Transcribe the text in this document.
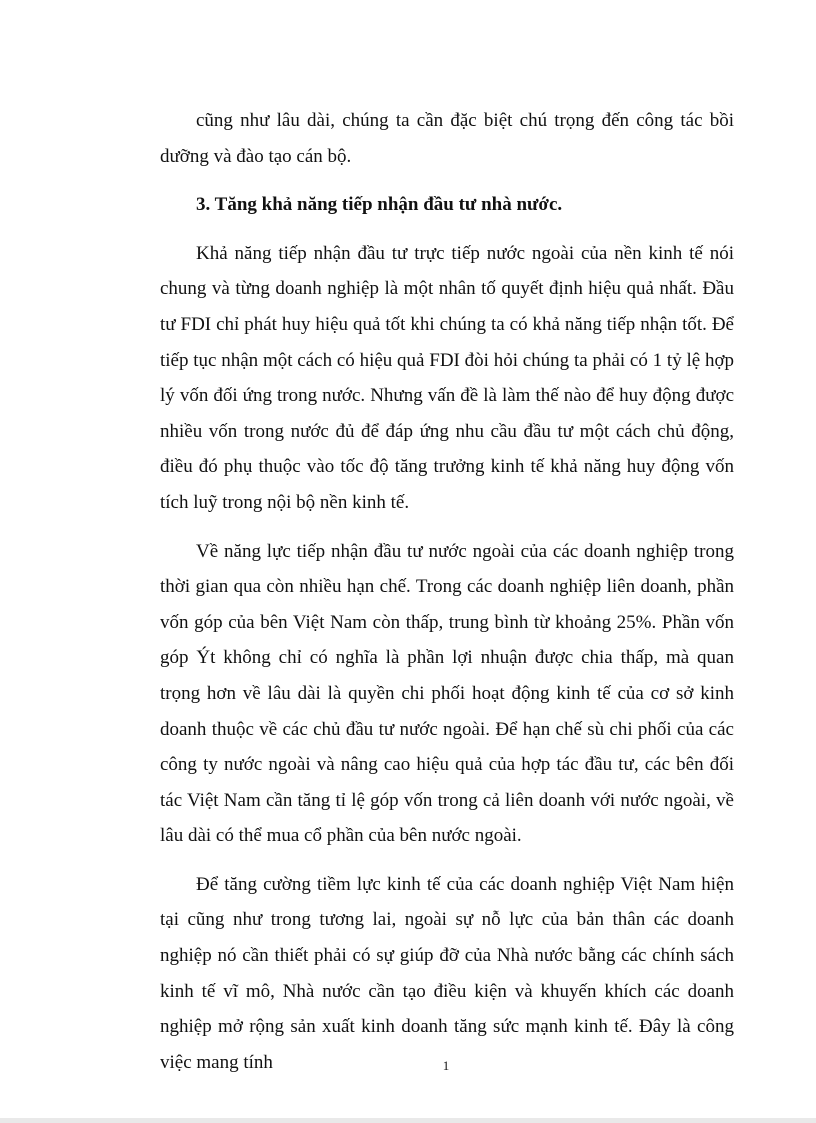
cũng như lâu dài, chúng ta cần đặc biệt chú trọng đến công tác bồi dưỡng và đào tạo cán bộ.

3. Tăng khả năng tiếp nhận đầu tư nhà nước.

Khả năng tiếp nhận đầu tư trực tiếp nước ngoài của nền kinh tế nói chung và từng doanh nghiệp là một nhân tố quyết định hiệu quả nhất. Đầu tư FDI chỉ phát huy hiệu quả tốt khi chúng ta có khả năng tiếp nhận tốt. Để tiếp tục nhận một cách có hiệu quả FDI đòi hỏi chúng ta phải có 1 tỷ lệ hợp lý vốn đối ứng trong nước. Nhưng vấn đề là làm thế nào để huy động được nhiều vốn trong nước đủ để đáp ứng nhu cầu đầu tư một cách chủ động, điều đó phụ thuộc vào tốc độ tăng trưởng kinh tế khả năng huy động vốn tích luỹ trong nội bộ nền kinh tế.

Về năng lực tiếp nhận đầu tư nước ngoài của các doanh nghiệp trong thời gian qua còn nhiều hạn chế. Trong các doanh nghiệp liên doanh, phần vốn góp của bên Việt Nam còn thấp, trung bình từ khoảng 25%. Phần vốn góp Ýt không chỉ có nghĩa là phần lợi nhuận được chia thấp, mà quan trọng hơn về lâu dài là quyền chi phối hoạt động kinh tế của cơ sở kinh doanh thuộc về các chủ đầu tư nước ngoài. Để hạn chế sù chi phối của các công ty nước ngoài và nâng cao hiệu quả của hợp tác đầu tư, các bên đối tác Việt Nam cần tăng tỉ lệ góp vốn trong cả liên doanh với nước ngoài, về lâu dài có thể mua cổ phần của bên nước ngoài.

Để tăng cường tiềm lực kinh tế của các doanh nghiệp Việt Nam hiện tại cũng như trong tương lai, ngoài sự nỗ lực của bản thân các doanh nghiệp nó cần thiết phải có sự giúp đỡ của Nhà nước bằng các chính sách kinh tế vĩ mô, Nhà nước cần tạo điều kiện và khuyến khích các doanh nghiệp mở rộng sản xuất kinh doanh tăng sức mạnh kinh tế. Đây là công việc mang tính	1
